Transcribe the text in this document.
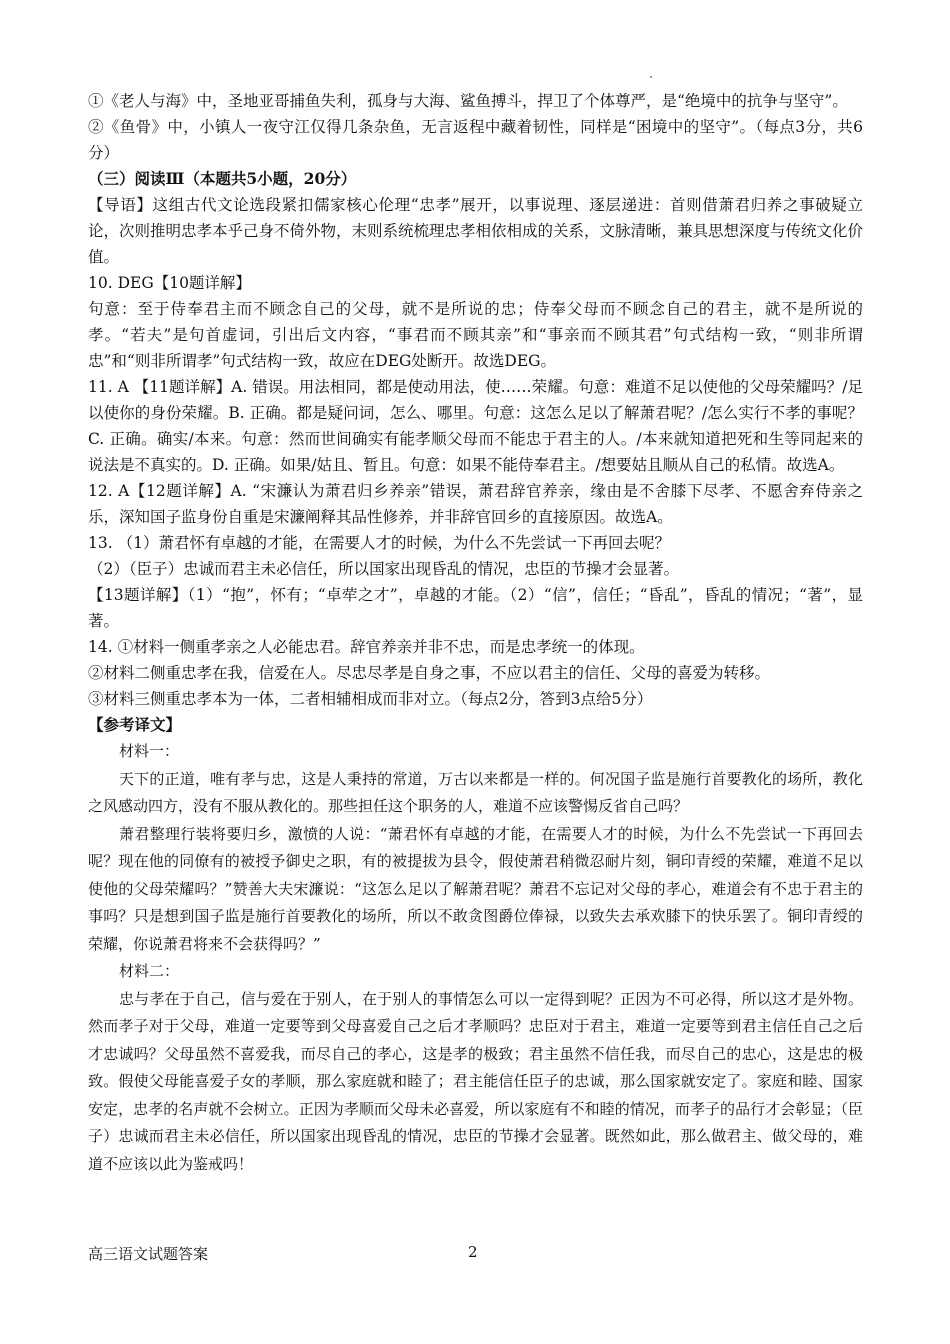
①《老人与海》中，圣地亚哥捕鱼失利，孤身与大海、鲨鱼搏斗，捍卫了个体尊严，是“绝境中的抗争与坚守”。

②《鱼骨》中，小镇人一夜守江仅得几条杂鱼，无言返程中藏着韧性，同样是“困境中的坚守”。（每点3分，共6分）

（三）阅读Ⅲ（本题共5小题，20分）

【导语】这组古代文论选段紧扣儒家核心伦理“忠孝”展开，以事说理、逐层递进：首则借萧君归养之事破疑立论，次则推明忠孝本乎己身不倚外物，末则系统梳理忠孝相依相成的关系，文脉清晰，兼具思想深度与传统文化价值。

10. DEG【10题详解】

句意：至于侍奉君主而不顾念自己的父母，就不是所说的忠；侍奉父母而不顾念自己的君主，就不是所说的孝。“若夫”是句首虚词，引出后文内容，“事君而不顾其亲”和“事亲而不顾其君”句式结构一致，“则非所谓忠”和“则非所谓孝”句式结构一致，故应在DEG处断开。故选DEG。

11. A 【11题详解】A. 错误。用法相同，都是使动用法，使……荣耀。句意：难道不足以使他的父母荣耀吗？/足以使你的身份荣耀。B. 正确。都是疑问词，怎么、哪里。句意：这怎么足以了解萧君呢？/怎么实行不孝的事呢？C. 正确。确实/本来。句意：然而世间确实有能孝顺父母而不能忠于君主的人。/本来就知道把死和生等同起来的说法是不真实的。D. 正确。如果/姑且、暂且。句意：如果不能侍奉君主。/想要姑且顺从自己的私情。故选A。

12. A【12题详解】A. “宋濂认为萧君归乡养亲”错误，萧君辞官养亲，缘由是不舍膝下尽孝、不愿舍弃侍亲之乐，深知国子监身份自重是宋濂阐释其品性修养，并非辞官回乡的直接原因。故选A。

13. （1）萧君怀有卓越的才能，在需要人才的时候，为什么不先尝试一下再回去呢？

（2）（臣子）忠诚而君主未必信任，所以国家出现昏乱的情况，忠臣的节操才会显著。

【13题详解】（1）“抱”，怀有；“卓荦之才”，卓越的才能。（2）“信”，信任；“昏乱”，昏乱的情况；“著”，显著。

14. ①材料一侧重孝亲之人必能忠君。辞官养亲并非不忠，而是忠孝统一的体现。

②材料二侧重忠孝在我，信爱在人。尽忠尽孝是自身之事，不应以君主的信任、父母的喜爱为转移。

③材料三侧重忠孝本为一体，二者相辅相成而非对立。（每点2分，答到3点给5分）

【参考译文】

材料一：

天下的正道，唯有孝与忠，这是人秉持的常道，万古以来都是一样的。何况国子监是施行首要教化的场所，教化之风感动四方，没有不服从教化的。那些担任这个职务的人，难道不应该警惕反省自己吗？

萧君整理行装将要归乡，激愤的人说：“萧君怀有卓越的才能，在需要人才的时候，为什么不先尝试一下再回去呢？现在他的同僚有的被授予御史之职，有的被提拔为县令，假使萧君稍微忍耐片刻，铜印青绶的荣耀，难道不足以使他的父母荣耀吗？”赞善大夫宋濂说：“这怎么足以了解萧君呢？萧君不忘记对父母的孝心，难道会有不忠于君主的事吗？只是想到国子监是施行首要教化的场所，所以不敢贪图爵位俸禄，以致失去承欢膝下的快乐罢了。铜印青绶的荣耀，你说萧君将来不会获得吗？”

材料二：

忠与孝在于自己，信与爱在于别人，在于别人的事情怎么可以一定得到呢？正因为不可必得，所以这才是外物。然而孝子对于父母，难道一定要等到父母喜爱自己之后才孝顺吗？忠臣对于君主，难道一定要等到君主信任自己之后才忠诚吗？父母虽然不喜爱我，而尽自己的孝心，这是孝的极致；君主虽然不信任我，而尽自己的忠心，这是忠的极致。假使父母能喜爱子女的孝顺，那么家庭就和睦了；君主能信任臣子的忠诚，那么国家就安定了。家庭和睦、国家安定，忠孝的名声就不会树立。正因为孝顺而父母未必喜爱，所以家庭有不和睦的情况，而孝子的品行才会彰显；（臣子）忠诚而君主未必信任，所以国家出现昏乱的情况，忠臣的节操才会显著。既然如此，那么做君主、做父母的，难道不应该以此为鉴戒吗！

高三语文试题答案	2
